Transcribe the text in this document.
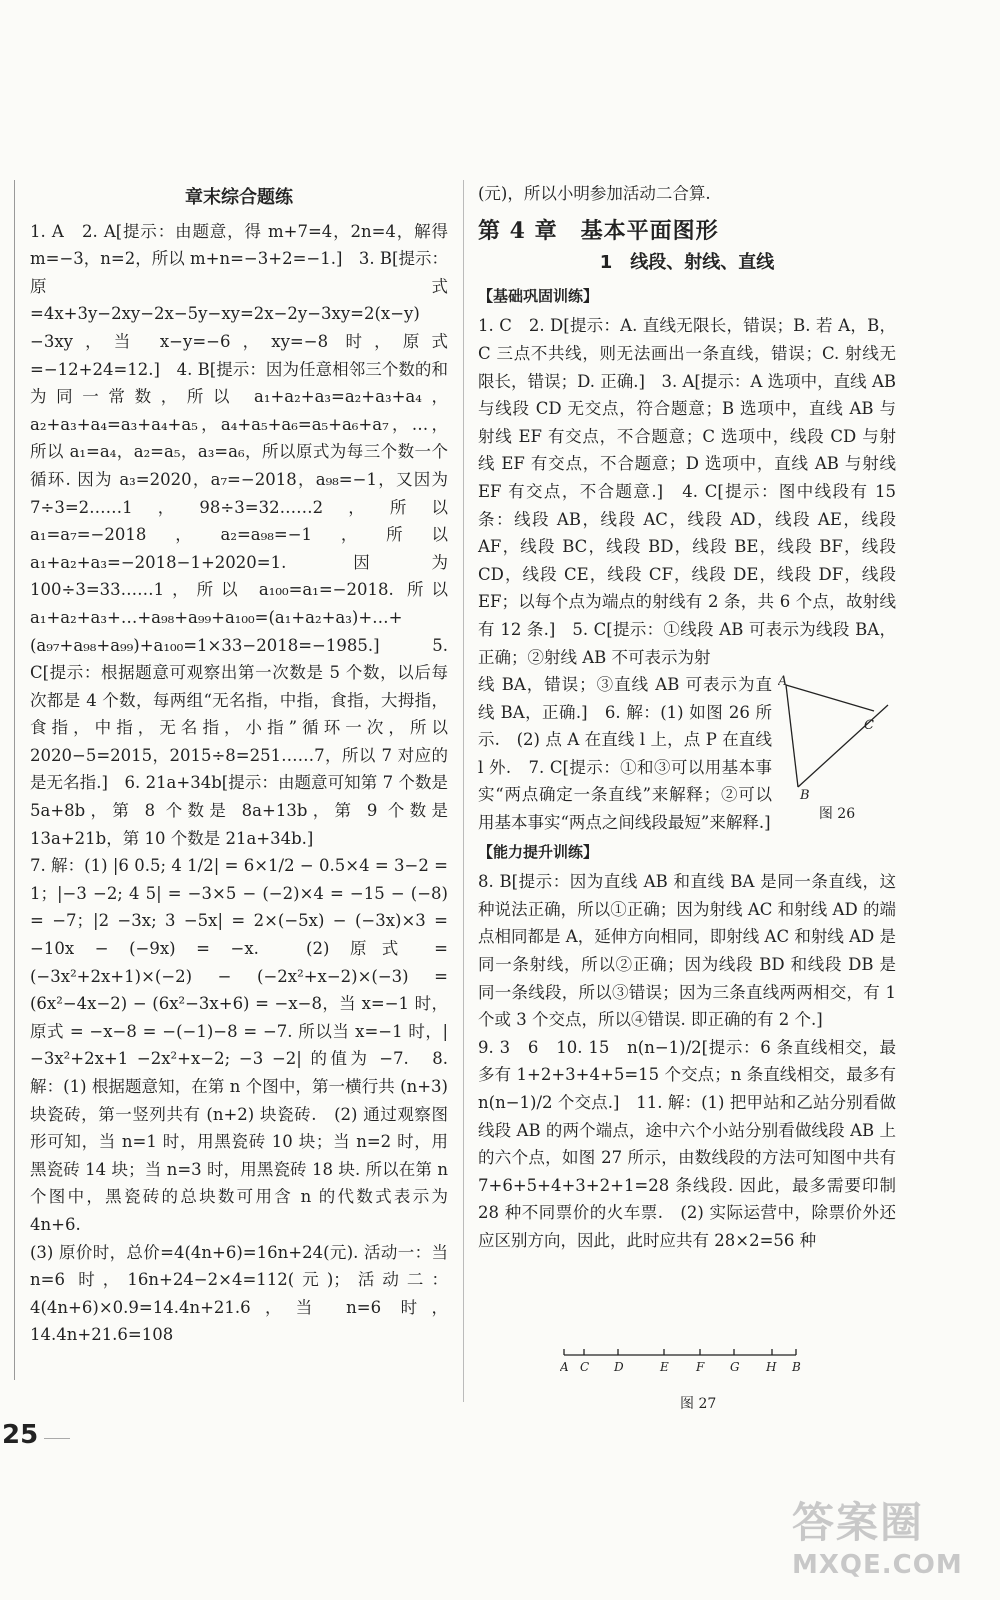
章末综合题练

1. A　2. A[提示：由题意，得 m+7=4，2n=4，解得 m=−3，n=2，所以 m+n=−3+2=−1.]　3. B[提示：原式=4x+3y−2xy−2x−5y−xy=2x−2y−3xy=2(x−y)−3xy，当 x−y=−6，xy=−8 时，原式=−12+24=12.]　4. B[提示：因为任意相邻三个数的和为同一常数，所以 a₁+a₂+a₃=a₂+a₃+a₄，a₂+a₃+a₄=a₃+a₄+a₅，a₄+a₅+a₆=a₅+a₆+a₇，…，所以 a₁=a₄，a₂=a₅，a₃=a₆，所以原式为每三个数一个循环. 因为 a₃=2020，a₇=−2018，a₉₈=−1，又因为 7÷3=2……1，98÷3=32……2，所以 a₁=a₇=−2018，a₂=a₉₈=−1，所以 a₁+a₂+a₃=−2018−1+2020=1. 因为 100÷3=33……1，所以 a₁₀₀=a₁=−2018. 所以 a₁+a₂+a₃+…+a₉₈+a₉₉+a₁₀₀=(a₁+a₂+a₃)+…+(a₉₇+a₉₈+a₉₉)+a₁₀₀=1×33−2018=−1985.]　5. C[提示：根据题意可观察出第一次数是 5 个数，以后每次都是 4 个数，每两组“无名指，中指，食指，大拇指，食指，中指，无名指，小指”循环一次，所以 2020−5=2015，2015÷8=251……7，所以 7 对应的是无名指.]　6. 21a+34b[提示：由题意可知第 7 个数是 5a+8b，第 8 个数是 8a+13b，第 9 个数是 13a+21b，第 10 个数是 21a+34b.]

7. 解：(1) |6 0.5; 4 1/2| = 6×1/2 − 0.5×4 = 3−2 = 1；|−3 −2; 4 5| = −3×5 − (−2)×4 = −15 − (−8) = −7；|2 −3x; 3 −5x| = 2×(−5x) − (−3x)×3 = −10x − (−9x) = −x.　(2) 原式 = (−3x²+2x+1)×(−2) − (−2x²+x−2)×(−3) = (6x²−4x−2) − (6x²−3x+6) = −x−8，当 x=−1 时，原式 = −x−8 = −(−1)−8 = −7. 所以当 x=−1 时，|−3x²+2x+1 −2x²+x−2; −3 −2| 的值为 −7.　8. 解：(1) 根据题意知，在第 n 个图中，第一横行共 (n+3) 块瓷砖，第一竖列共有 (n+2) 块瓷砖.　(2) 通过观察图形可知，当 n=1 时，用黑瓷砖 10 块；当 n=2 时，用黑瓷砖 14 块；当 n=3 时，用黑瓷砖 18 块. 所以在第 n 个图中，黑瓷砖的总块数可用含 n 的代数式表示为 4n+6.

(3) 原价时，总价=4(4n+6)=16n+24(元). 活动一：当 n=6 时，16n+24−2×4=112(元)；活动二：4(4n+6)×0.9=14.4n+21.6，当 n=6 时，14.4n+21.6=108

(元)，所以小明参加活动二合算.

第 4 章　基本平面图形
1　线段、射线、直线
【基础巩固训练】

1. C　2. D[提示：A. 直线无限长，错误；B. 若 A，B，C 三点不共线，则无法画出一条直线，错误；C. 射线无限长，错误；D. 正确.]　3. A[提示：A 选项中，直线 AB 与线段 CD 无交点，符合题意；B 选项中，直线 AB 与射线 EF 有交点，不合题意；C 选项中，线段 CD 与射线 EF 有交点，不合题意；D 选项中，直线 AB 与射线 EF 有交点，不合题意.]　4. C[提示：图中线段有 15 条：线段 AB，线段 AC，线段 AD，线段 AE，线段 AF，线段 BC，线段 BD，线段 BE，线段 BF，线段 CD，线段 CE，线段 CF，线段 DE，线段 DF，线段 EF；以每个点为端点的射线有 2 条，共 6 个点，故射线有 12 条.]　5. C[提示：①线段 AB 可表示为线段 BA，正确；②射线 AB 不可表示为射

A
C
B
图 26

线 BA，错误；③直线 AB 可表示为直线 BA，正确.]　6. 解：(1) 如图 26 所示.　(2) 点 A 在直线 l 上，点 P 在直线 l 外.　7. C[提示：①和③可以用基本事实“两点确定一条直线”来解释；②可以用基本事实“两点之间线段最短”来解释.]

【能力提升训练】

8. B[提示：因为直线 AB 和直线 BA 是同一条直线，这种说法正确，所以①正确；因为射线 AC 和射线 AD 的端点相同都是 A，延伸方向相同，即射线 AC 和射线 AD 是同一条射线，所以②正确；因为线段 BD 和线段 DB 是同一条线段，所以③错误；因为三条直线两两相交，有 1 个或 3 个交点，所以④错误. 即正确的有 2 个.]

9. 3　6　10. 15　n(n−1)/2[提示：6 条直线相交，最多有 1+2+3+4+5=15 个交点；n 条直线相交，最多有 n(n−1)/2 个交点.]　11. 解：(1) 把甲站和乙站分别看做线段 AB 的两个端点，途中六个小站分别看做线段 AB 上的六个点，如图 27 所示，由数线段的方法可知图中共有 7+6+5+4+3+2+1=28 条线段. 因此，最多需要印制 28 种不同票价的火车票.　(2) 实际运营中，除票价外还应区别方向，因此，此时应共有 28×2=56 种

A C D	E F G H B
图 27
25
答案圈
MXQE.COM
